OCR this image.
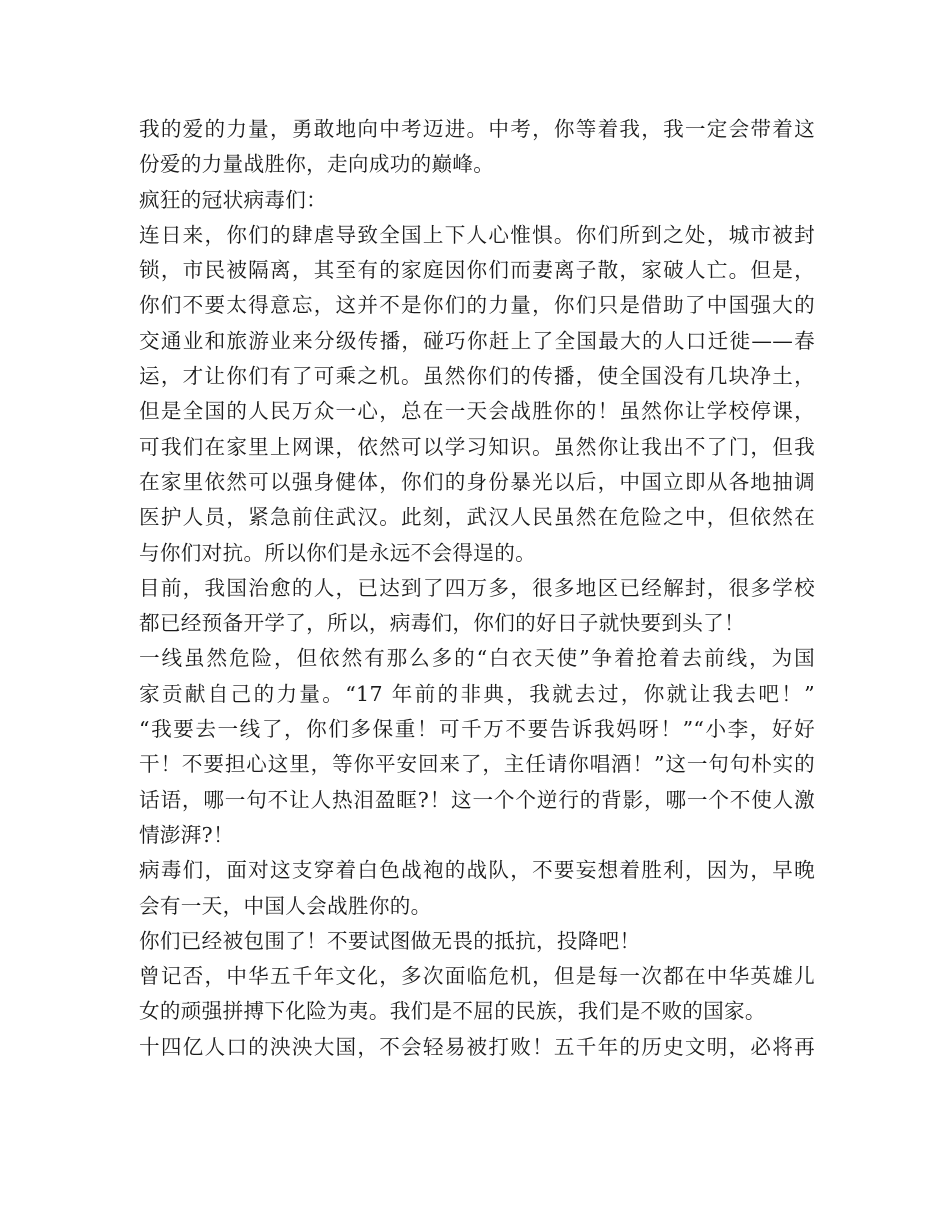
我的爱的力量，勇敢地向中考迈进。中考，你等着我，我一定会带着这
份爱的力量战胜你，走向成功的巅峰。
疯狂的冠状病毒们：
连日来，你们的肆虐导致全国上下人心惟惧。你们所到之处，城市被封
锁，市民被隔离，其至有的家庭因你们而妻离子散，家破人亡。但是，
你们不要太得意忘，这并不是你们的力量，你们只是借助了中国强大的
交通业和旅游业来分级传播，碰巧你赶上了全国最大的人口迁徙——春
运，才让你们有了可乘之机。虽然你们的传播，使全国没有几块净土，
但是全国的人民万众一心，总在一天会战胜你的！虽然你让学校停课，
可我们在家里上网课，依然可以学习知识。虽然你让我出不了门，但我
在家里依然可以强身健体，你们的身份暴光以后，中国立即从各地抽调
医护人员，紧急前住武汉。此刻，武汉人民虽然在危险之中，但依然在
与你们对抗。所以你们是永远不会得逞的。
目前，我国治愈的人，已达到了四万多，很多地区已经解封，很多学校
都已经预备开学了，所以，病毒们，你们的好日子就快要到头了！
一线虽然危险，但依然有那么多的“白衣天使”争着抢着去前线，为国
家贡献自己的力量。“17 年前的非典，我就去过，你就让我去吧！”
“我要去一线了，你们多保重！可千万不要告诉我妈呀！”“小李，好好
干！不要担心这里，等你平安回来了，主任请你唱酒！”这一句句朴实的
话语，哪一句不让人热泪盈眶?！这一个个逆行的背影，哪一个不使人激
情澎湃?！
病毒们，面对这支穿着白色战袍的战队，不要妄想着胜利，因为，早晚
会有一天，中国人会战胜你的。
你们已经被包围了！不要试图做无畏的抵抗，投降吧！
曾记否，中华五千年文化，多次面临危机，但是每一次都在中华英雄儿
女的顽强拼搏下化险为夷。我们是不屈的民族，我们是不败的国家。
十四亿人口的泱泱大国，不会轻易被打败！五千年的历史文明，必将再
